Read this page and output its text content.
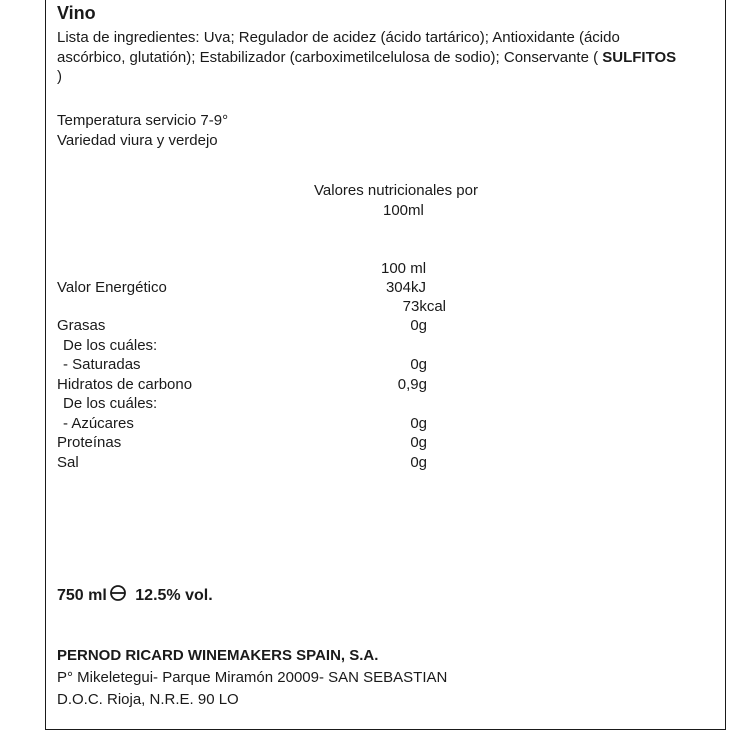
Vino
Lista de ingredientes: Uva; Regulador de acidez (ácido tartárico); Antioxidante (ácido ascórbico, glutatión); Estabilizador (carboximetilcelulosa de sodio); Conservante ( SULFITOS )
Temperatura servicio 7-9°
Variedad viura y verdejo
Valores nutricionales por
100ml
100 ml
Valor Energético	304kJ
73kcal
Grasas	0g
De los cuáles:
- Saturadas	0g
Hidratos de carbono	0,9g
De los cuáles:
- Azúcares	0g
Proteínas	0g
Sal	0g
750 ml 12.5% vol.
PERNOD RICARD WINEMAKERS SPAIN, S.A.
P° Mikeletegui- Parque Miramón 20009- SAN SEBASTIAN
D.O.C. Rioja, N.R.E. 90 LO
